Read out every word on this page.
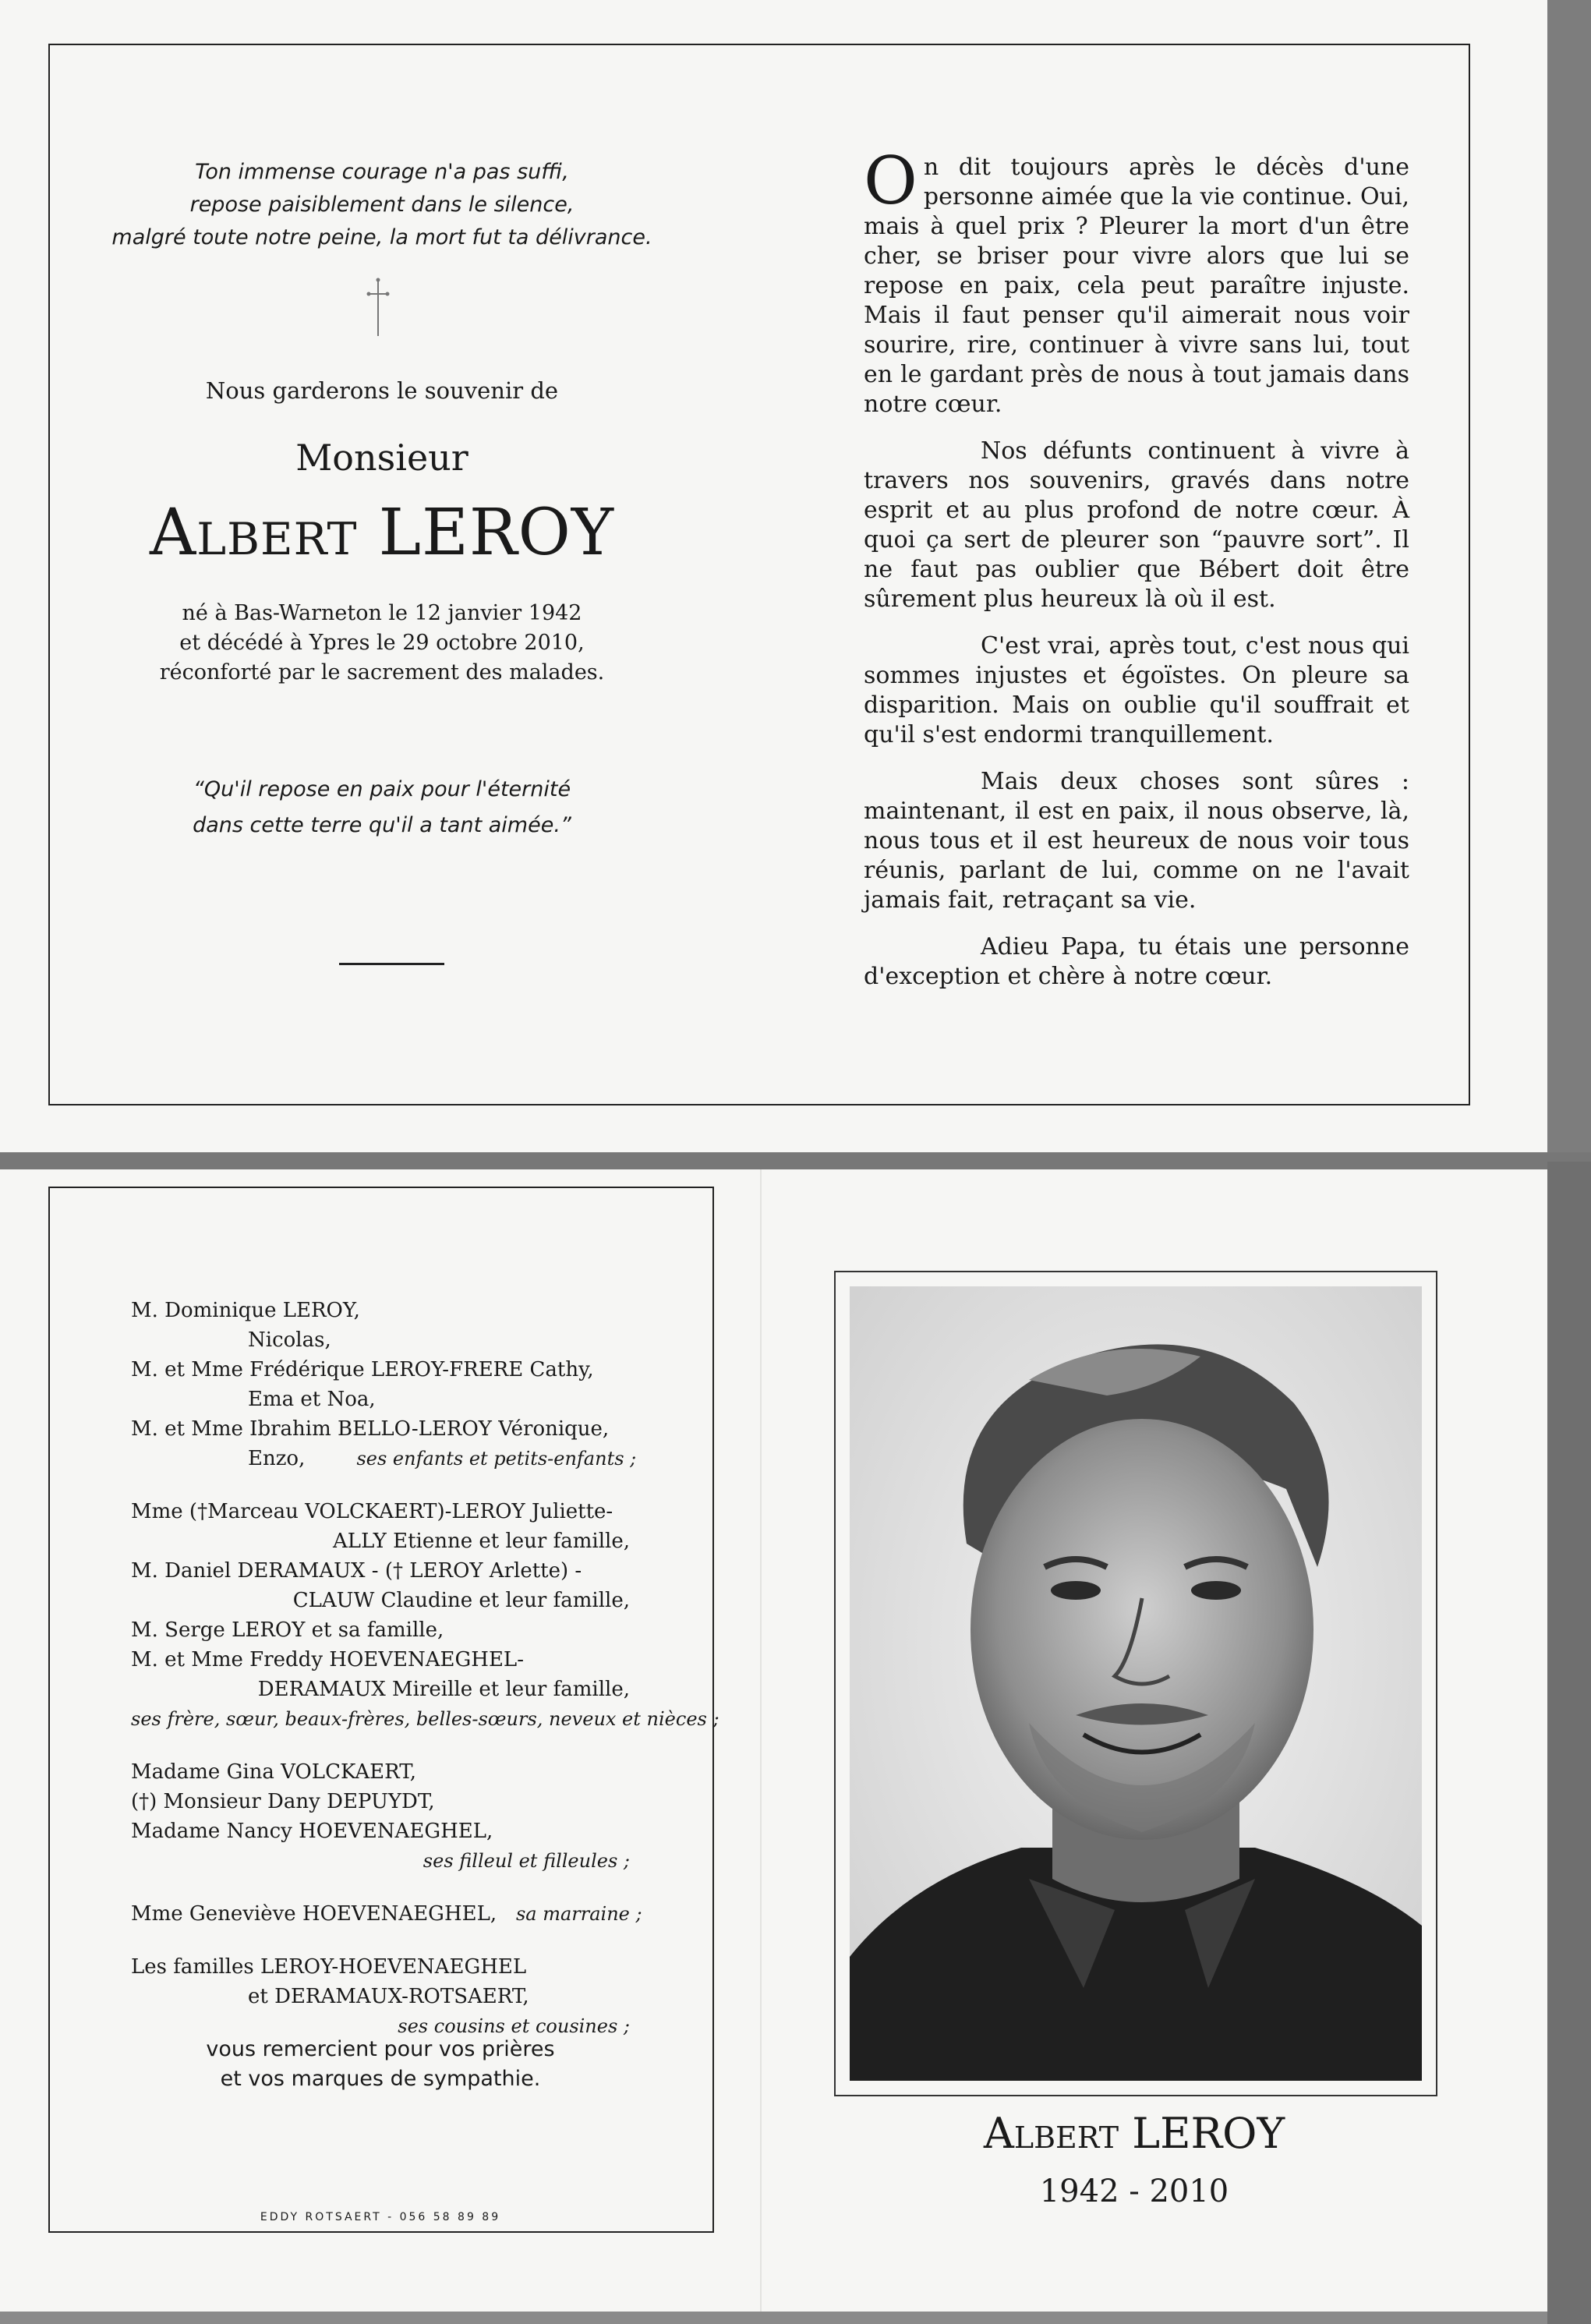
Ton immense courage n'a pas suffi,
repose paisiblement dans le silence,
malgré toute notre peine, la mort fut ta délivrance.
Nous garderons le souvenir de
Monsieur
Albert LEROY
né à Bas-Warneton le 12 janvier 1942
et décédé à Ypres le 29 octobre 2010,
réconforté par le sacrement des malades.
“Qu'il repose en paix pour l'éternité
dans cette terre qu'il a tant aimée.”

On dit toujours après le décès d'une personne aimée que la vie continue. Oui, mais à quel prix ? Pleurer la mort d'un être cher, se briser pour vivre alors que lui se repose en paix, cela peut paraître injuste. Mais il faut penser qu'il aimerait nous voir sourire, rire, continuer à vivre sans lui, tout en le gardant près de nous à tout jamais dans notre cœur.

Nos défunts continuent à vivre à travers nos souvenirs, gravés dans notre esprit et au plus profond de notre cœur. À quoi ça sert de pleurer son “pauvre sort”. Il ne faut pas oublier que Bébert doit être sûrement plus heureux là où il est.

C'est vrai, après tout, c'est nous qui sommes injustes et égoïstes. On pleure sa disparition. Mais on oublie qu'il souffrait et qu'il s'est endormi tranquillement.

Mais deux choses sont sûres : maintenant, il est en paix, il nous observe, là, nous tous et il est heureux de nous voir tous réunis, parlant de lui, comme on ne l'avait jamais fait, retraçant sa vie.

Adieu Papa, tu étais une personne d'exception et chère à notre cœur.

M. Dominique LEROY,
Nicolas,
M. et Mme Frédérique LEROY-FRERE Cathy,
Ema et Noa,
M. et Mme Ibrahim BELLO-LEROY Véronique,
Enzo,	ses enfants et petits-enfants ;
Mme (†Marceau VOLCKAERT)-LEROY Juliette-
ALLY Etienne et leur famille,
M. Daniel DERAMAUX - († LEROY Arlette) -
CLAUW Claudine et leur famille,
M. Serge LEROY et sa famille,
M. et Mme Freddy HOEVENAEGHEL-
DERAMAUX Mireille et leur famille,
ses frère, sœur, beaux-frères, belles-sœurs, neveux et nièces ;
Madame Gina VOLCKAERT,
(†) Monsieur Dany DEPUYDT,
Madame Nancy HOEVENAEGHEL,
ses filleul et filleules ;
Mme Geneviève HOEVENAEGHEL, sa marraine ;
Les familles LEROY-HOEVENAEGHEL
et DERAMAUX-ROTSAERT,
ses cousins et cousines ;
vous remercient pour vos prières
et vos marques de sympathie.
EDDY ROTSAERT - 056 58 89 89
Albert LEROY
1942 - 2010
